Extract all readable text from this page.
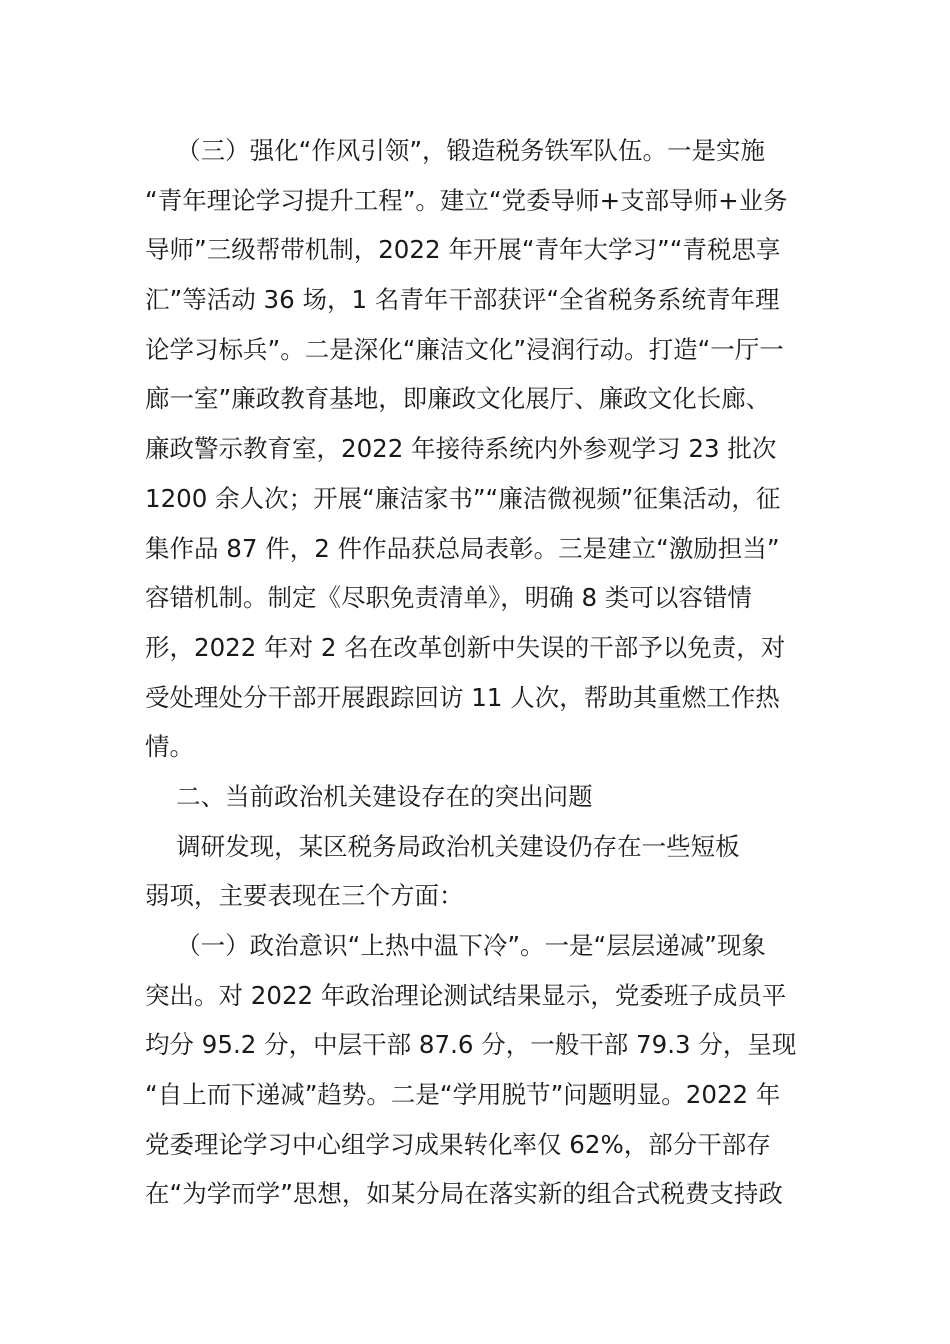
（三）强化“作风引领”，锻造税务铁军队伍。一是实施
“青年理论学习提升工程”。建立“党委导师+支部导师+业务
导师”三级帮带机制，2022 年开展“青年大学习”“青税思享
汇”等活动 36 场，1 名青年干部获评“全省税务系统青年理
论学习标兵”。二是深化“廉洁文化”浸润行动。打造“一厅一
廊一室”廉政教育基地，即廉政文化展厅、廉政文化长廊、
廉政警示教育室，2022 年接待系统内外参观学习 23 批次
1200 余人次；开展“廉洁家书”“廉洁微视频”征集活动，征
集作品 87 件，2 件作品获总局表彰。三是建立“激励担当”
容错机制。制定《尽职免责清单》，明确 8 类可以容错情
形，2022 年对 2 名在改革创新中失误的干部予以免责，对
受处理处分干部开展跟踪回访 11 人次，帮助其重燃工作热
情。
二、当前政治机关建设存在的突出问题
调研发现，某区税务局政治机关建设仍存在一些短板
弱项，主要表现在三个方面：
（一）政治意识“上热中温下冷”。一是“层层递减”现象
突出。对 2022 年政治理论测试结果显示，党委班子成员平
均分 95.2 分，中层干部 87.6 分，一般干部 79.3 分，呈现
“自上而下递减”趋势。二是“学用脱节”问题明显。2022 年
党委理论学习中心组学习成果转化率仅 62%，部分干部存
在“为学而学”思想，如某分局在落实新的组合式税费支持政
